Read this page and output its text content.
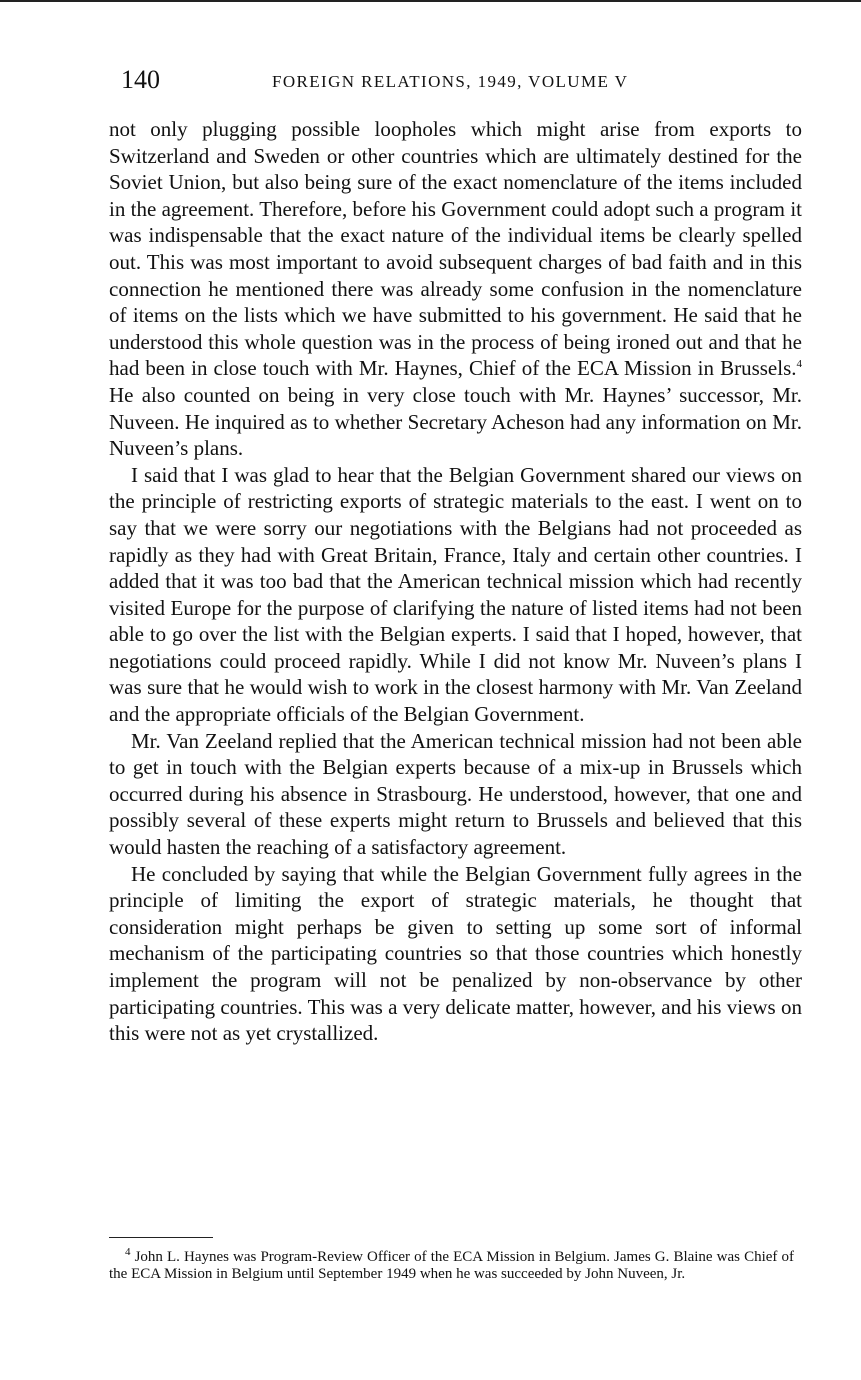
140	FOREIGN RELATIONS, 1949, VOLUME V

not only plugging possible loopholes which might arise from exports to Switzerland and Sweden or other countries which are ultimately destined for the Soviet Union, but also being sure of the exact nomenclature of the items included in the agreement. Therefore, before his Government could adopt such a program it was indispensable that the exact nature of the individual items be clearly spelled out. This was most important to avoid subsequent charges of bad faith and in this connection he mentioned there was already some confusion in the nomenclature of items on the lists which we have submitted to his government. He said that he understood this whole question was in the process of being ironed out and that he had been in close touch with Mr. Haynes, Chief of the ECA Mission in Brussels.$^4$ He also counted on being in very close touch with Mr. Haynes’ successor, Mr. Nuveen. He inquired as to whether Secretary Acheson had any information on Mr. Nuveen’s plans.

I said that I was glad to hear that the Belgian Government shared our views on the principle of restricting exports of strategic materials to the east. I went on to say that we were sorry our negotiations with the Belgians had not proceeded as rapidly as they had with Great Britain, France, Italy and certain other countries. I added that it was too bad that the American technical mission which had recently visited Europe for the purpose of clarifying the nature of listed items had not been able to go over the list with the Belgian experts. I said that I hoped, however, that negotiations could proceed rapidly. While I did not know Mr. Nuveen’s plans I was sure that he would wish to work in the closest harmony with Mr. Van Zeeland and the appropriate officials of the Belgian Government.

Mr. Van Zeeland replied that the American technical mission had not been able to get in touch with the Belgian experts because of a mix-up in Brussels which occurred during his absence in Strasbourg. He understood, however, that one and possibly several of these experts might return to Brussels and believed that this would hasten the reaching of a satisfactory agreement.

He concluded by saying that while the Belgian Government fully agrees in the principle of limiting the export of strategic materials, he thought that consideration might perhaps be given to setting up some sort of informal mechanism of the participating countries so that those countries which honestly implement the program will not be penalized by non-observance by other participating countries. This was a very delicate matter, however, and his views on this were not as yet crystallized.

$^4$ John L. Haynes was Program-Review Officer of the ECA Mission in Belgium. James G. Blaine was Chief of the ECA Mission in Belgium until September 1949 when he was succeeded by John Nuveen, Jr.
